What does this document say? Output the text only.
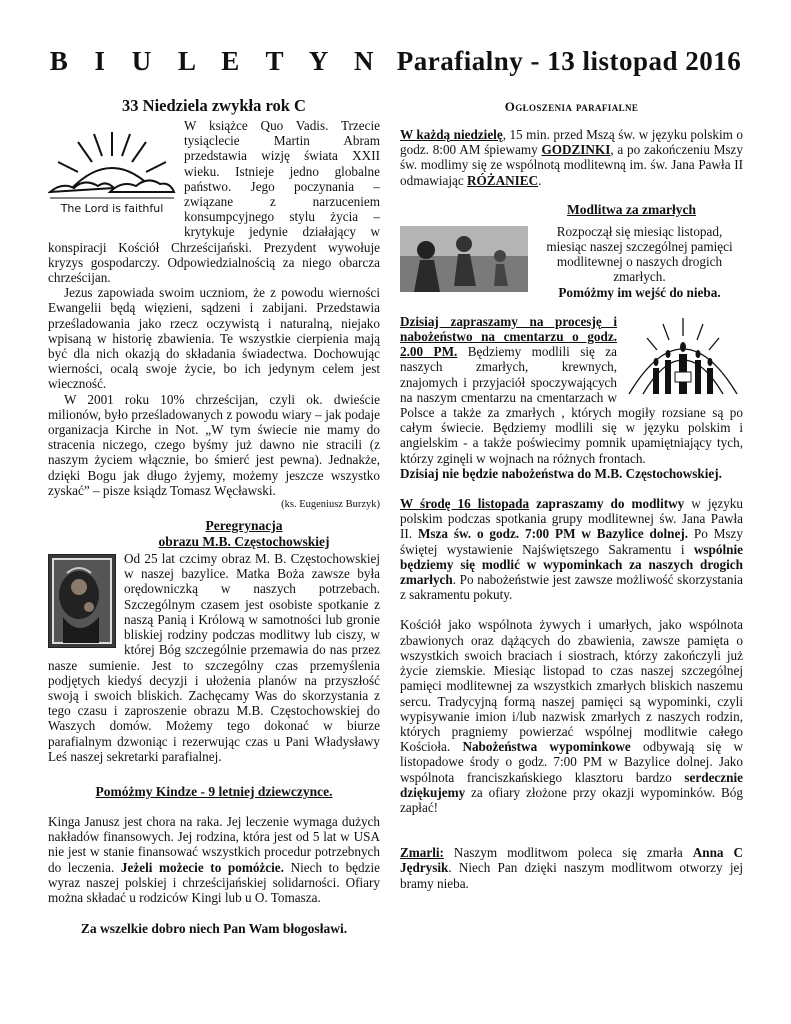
B I U L E T Y N Parafialny - 13 listopad 2016
33 Niedziela zwykła rok C
The Lord is faithful

W książce Quo Vadis. Trzecie tysiąclecie Martin Abram przedstawia wizję świata XXII wieku. Istnieje jedno globalne państwo. Jego poczynania – związane z narzuceniem konsumpcyjnego stylu życia – krytykuje jedynie działający w konspiracji Kościół Chrześcijański. Prezydent wywołuje kryzys gospodarczy. Odpowiedzialnością za niego obarcza chrześcijan.

Jezus zapowiada swoim uczniom, że z powodu wierności Ewangelii będą więzieni, sądzeni i zabijani. Przedstawia prześladowania jako rzecz oczywistą i naturalną, niejako wpisaną w historię zbawienia. Te wszystkie cierpienia mają być dla nich okazją do składania świadectwa. Dochowując wierności, ocalą swoje życie, bo ich jedynym celem jest wieczność.

W 2001 roku 10% chrześcijan, czyli ok. dwieście milionów, było prześladowanych z powodu wiary – jak podaje organizacja Kirche in Not. „W tym świecie nie mamy do stracenia niczego, czego byśmy już dawno nie stracili (z naszym życiem włącznie, bo śmierć jest pewna). Jednakże, dzięki Bogu jak długo żyjemy, możemy jeszcze wszystko zyskać” – pisze ksiądz Tomasz Węcławski.

(ks. Eugeniusz Burzyk)
Peregrynacja
obrazu M.B. Częstochowskiej

Od 25 lat czcimy obraz M. B. Częstochowskiej w naszej bazylice. Matka Boża zawsze była orędowniczką w naszych potrzebach. Szczególnym czasem jest osobiste spotkanie z naszą Panią i Królową w samotności lub gronie bliskiej rodziny podczas modlitwy lub ciszy, w której Bóg szczególnie przemawia do nas przez nasze sumienie. Jest to szczególny czas przemyślenia podjętych kiedyś decyzji i ułożenia planów na przyszłość swoją i swoich bliskich. Zachęcamy Was do skorzystania z tego czasu i zaproszenie obrazu M.B. Częstochowskiej do Waszych domów. Możemy tego dokonać w biurze parafialnym dzwoniąc i rezerwując czas u Pani Władysławy Leś naszej sekretarki parafialnej.

Pomóżmy Kindze - 9 letniej dziewczynce.

Kinga Janusz jest chora na raka. Jej leczenie wymaga dużych nakładów finansowych. Jej rodzina, która jest od 5 lat w USA nie jest w stanie finansować wszystkich procedur potrzebnych do leczenia. Jeżeli możecie to pomóżcie. Niech to będzie wyraz naszej polskiej i chrześcijańskiej solidarności. Ofiary można składać u rodziców Kingi lub u O. Tomasza.

Za wszelkie dobro niech Pan Wam błogosławi.
Ogłoszenia parafialne

W każdą niedzielę, 15 min. przed Mszą św. w języku polskim o godz. 8:00 AM śpiewamy GODZINKI, a po zakończeniu Mszy św. modlimy się ze wspólnotą modlitewną im. św. Jana Pawła II odmawiając RÓŻANIEC.

Modlitwa za zmarłych

Rozpoczął się miesiąc listopad, miesiąc naszej szczególnej pamięci modlitewnej o naszych drogich zmarłych.

Pomóżmy im wejść do nieba.

Dzisiaj zapraszamy na procesję i nabożeństwo na cmentarzu o godz. 2.00 PM. Będziemy modlili się za naszych zmarłych, krewnych, znajomych i przyjaciół spoczywających na naszym cmentarzu na cmentarzach w Polsce a także za zmarłych , których mogiły rozsiane są po całym świecie. Będziemy modlili się w języku polskim i angielskim - a także poświecimy pomnik upamiętniający tych, którzy zginęli w wojnach na różnych frontach.

Dzisiaj nie będzie nabożeństwa do M.B. Częstochowskiej.

W środę 16 listopada zapraszamy do modlitwy w języku polskim podczas spotkania grupy modlitewnej św. Jana Pawła II. Msza św. o godz. 7:00 PM w Bazylice dolnej. Po Mszy świętej wystawienie Najświętszego Sakramentu i wspólnie będziemy się modlić w wypominkach za naszych drogich zmarłych. Po nabożeństwie jest zawsze możliwość skorzystania z sakramentu pokuty.

Kościół jako wspólnota żywych i umarłych, jako wspólnota zbawionych oraz dążących do zbawienia, zawsze pamięta o wszystkich swoich braciach i siostrach, którzy zakończyli już życie ziemskie. Miesiąc listopad to czas naszej szczególnej pamięci modlitewnej za wszystkich zmarłych bliskich naszemu sercu. Tradycyjną formą naszej pamięci są wypominki, czyli wypisywanie imion i/lub nazwisk zmarłych z naszych rodzin, których pragniemy powierzać wspólnej modlitwie całego Kościoła. Nabożeństwa wypominkowe odbywają się w listopadowe środy o godz. 7:00 PM w Bazylice dolnej. Jako wspólnota franciszkańskiego klasztoru bardzo serdecznie dziękujemy za ofiary złożone przy okazji wypominków. Bóg zapłać!

Zmarli: Naszym modlitwom poleca się zmarła Anna C Jędrysik. Niech Pan dzięki naszym modlitwom otworzy jej bramy nieba.
